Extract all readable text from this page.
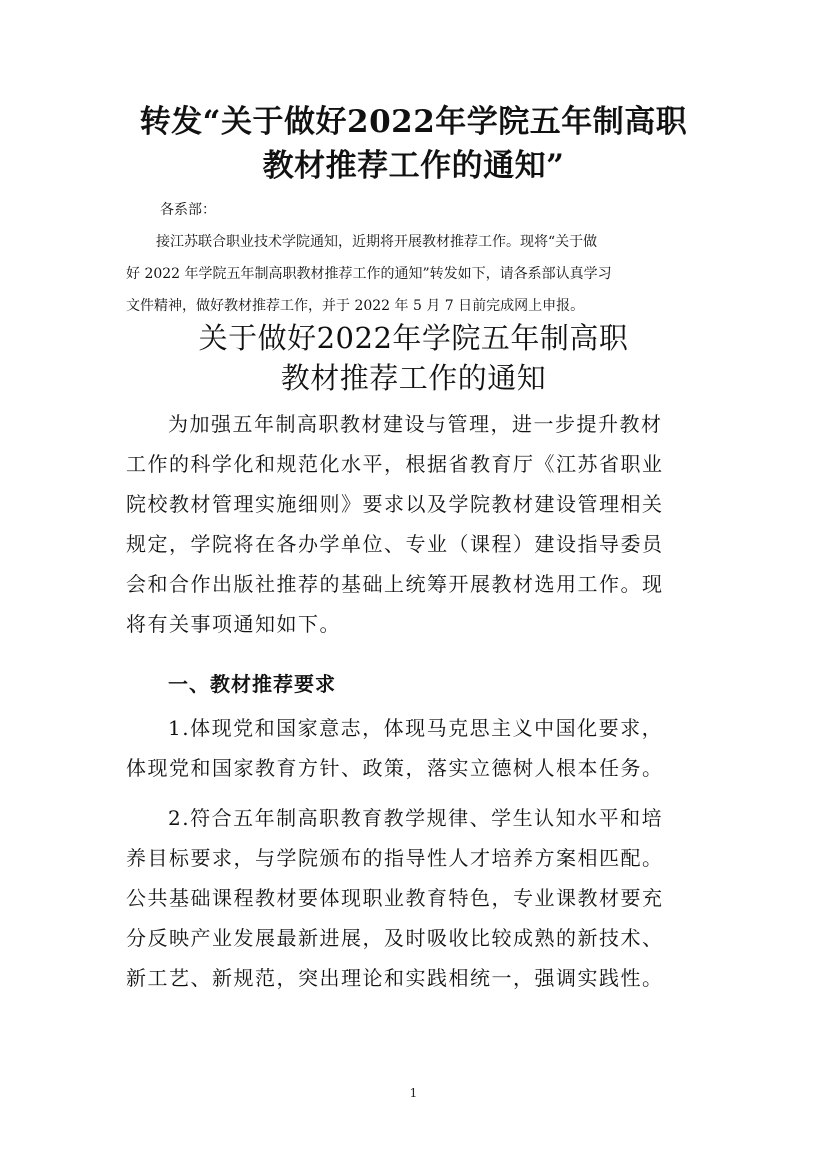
转发“关于做好2022年学院五年制高职
教材推荐工作的通知”
各系部：
接江苏联合职业技术学院通知，近期将开展教材推荐工作。现将“关于做
好 2022 年学院五年制高职教材推荐工作的通知”转发如下，请各系部认真学习
文件精神，做好教材推荐工作，并于 2022 年 5 月 7 日前完成网上申报。
关于做好2022年学院五年制高职
教材推荐工作的通知
为加强五年制高职教材建设与管理，进一步提升教材
工作的科学化和规范化水平，根据省教育厅《江苏省职业
院校教材管理实施细则》要求以及学院教材建设管理相关
规定，学院将在各办学单位、专业（课程）建设指导委员
会和合作出版社推荐的基础上统筹开展教材选用工作。现
将有关事项通知如下。
一、教材推荐要求
1.体现党和国家意志，体现马克思主义中国化要求，
体现党和国家教育方针、政策，落实立德树人根本任务。
2.符合五年制高职教育教学规律、学生认知水平和培
养目标要求，与学院颁布的指导性人才培养方案相匹配。
公共基础课程教材要体现职业教育特色，专业课教材要充
分反映产业发展最新进展，及时吸收比较成熟的新技术、
新工艺、新规范，突出理论和实践相统一，强调实践性。
1
